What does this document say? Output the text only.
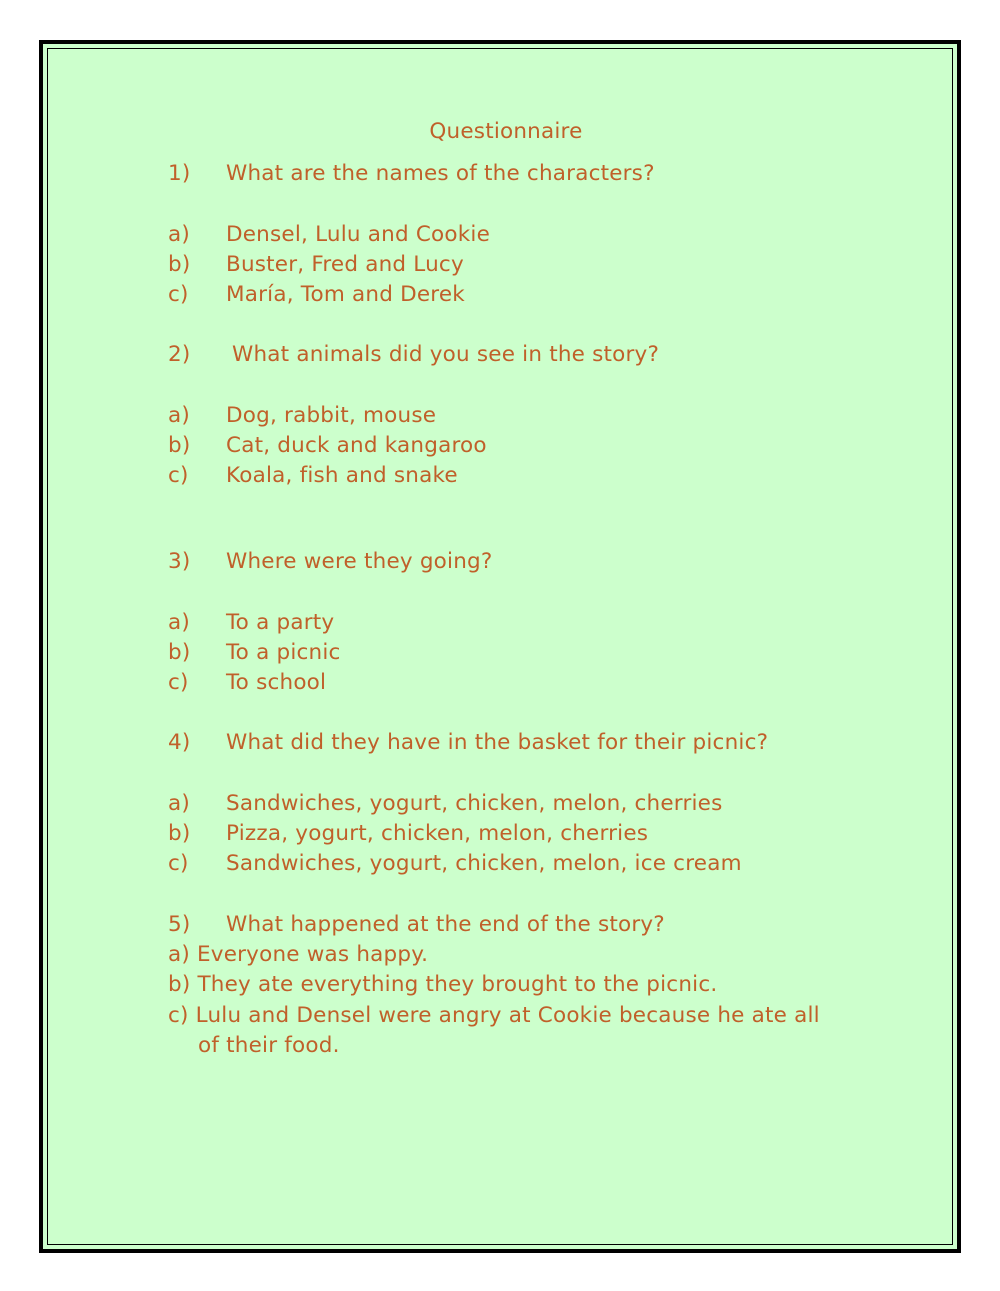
Questionnaire
1) What are the names of the characters?
a) Densel, Lulu and Cookie
b) Buster, Fred and Lucy
c) María, Tom and Derek
2) What animals did you see in the story?
a) Dog, rabbit, mouse
b) Cat, duck and kangaroo
c) Koala, fish and snake
3) Where were they going?
a) To a party
b) To a picnic
c) To school
4) What did they have in the basket for their picnic?
a) Sandwiches, yogurt, chicken, melon, cherries
b) Pizza, yogurt, chicken, melon, cherries
c) Sandwiches, yogurt, chicken, melon, ice cream
5) What happened at the end of the story?
a) Everyone was happy.
b) They ate everything they brought to the picnic.
c) Lulu and Densel were angry at Cookie because he ate all
of their food.
